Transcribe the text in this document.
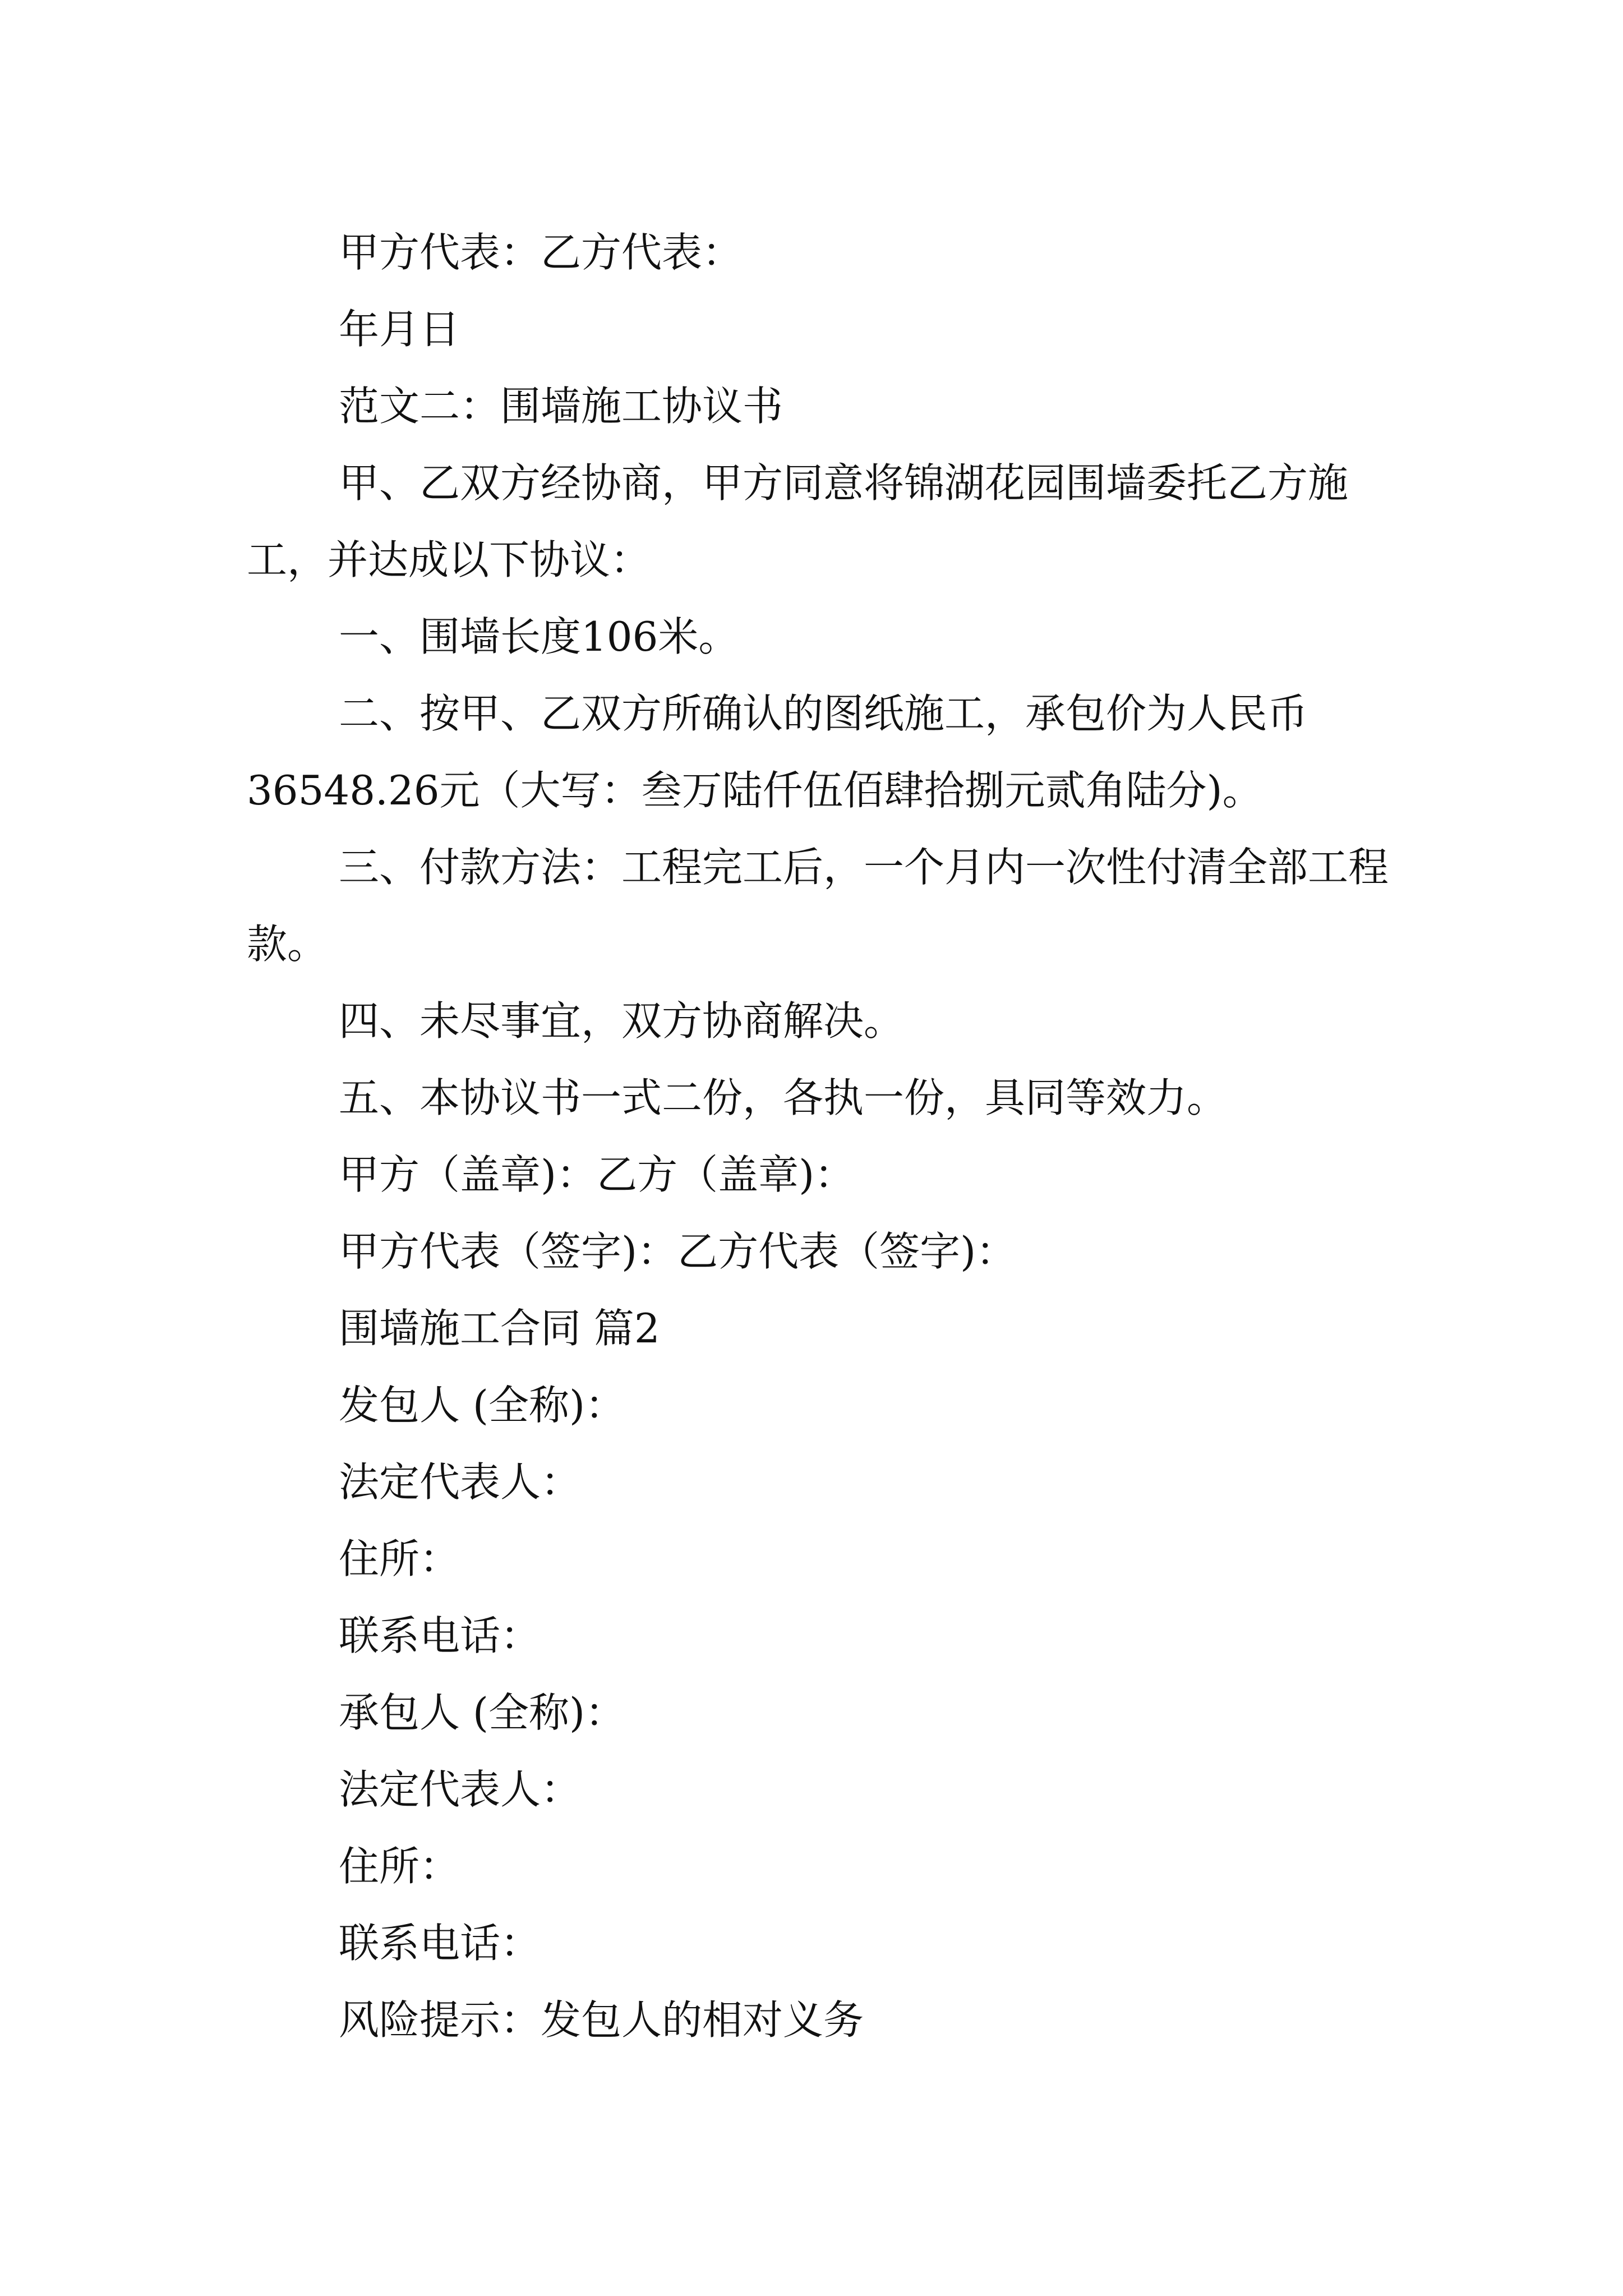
甲方代表：乙方代表：

年月日

范文二：围墙施工协议书

甲、乙双方经协商，甲方同意将锦湖花园围墙委托乙方施工，并达成以下协议：

一、围墙长度106米。

二、按甲、乙双方所确认的图纸施工，承包价为人民币36548.26元（大写：叁万陆仟伍佰肆拾捌元贰角陆分)。

三、付款方法：工程完工后，一个月内一次性付清全部工程款。

四、未尽事宜，双方协商解决。

五、本协议书一式二份，各执一份，具同等效力。

甲方（盖章)：乙方（盖章)：

甲方代表（签字)：乙方代表（签字)：

围墙施工合同 篇2

发包人 (全称)：

法定代表人：

住所：

联系电话：

承包人 (全称)：

法定代表人：

住所：

联系电话：

风险提示：发包人的相对义务
